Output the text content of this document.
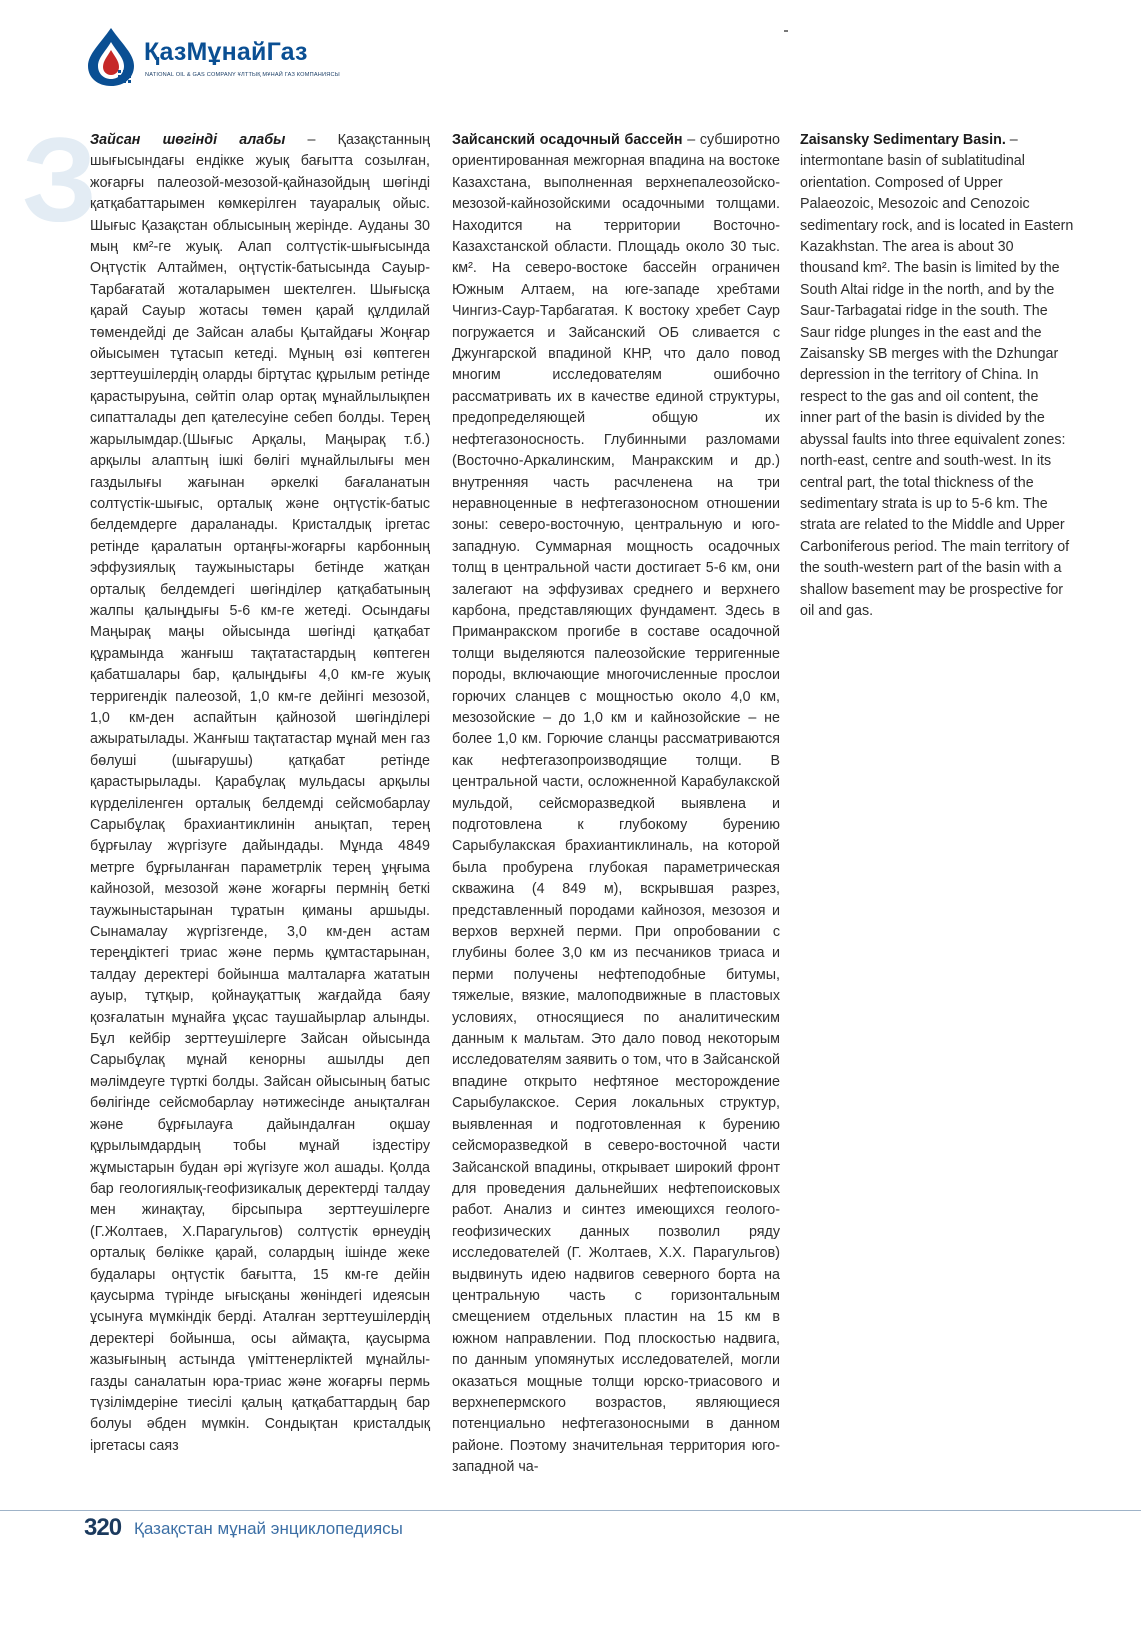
З
ҚазМұнайГаз
NATIONAL OIL & GAS COMPANY ҰЛТТЫҚ МҰНАЙ ГАЗ КОМПАНИЯСЫ

Зайсан шөгінді алабы – Қазақстанның шығысындағы ендікке жуық бағытта созылған, жоғарғы палеозой-мезозой-қайназойдың шөгінді қатқабаттарымен көмкерілген тауаралық ойыс. Шығыс Қазақстан облысының жерінде. Ауданы 30 мың км²-ге жуық. Алап солтүстік-шығысында Оңтүстік Алтаймен, оңтүстік-батысында Сауыр-Тарбағатай жоталарымен шектелген. Шығысқа қарай Сауыр жотасы төмен қарай құлдилай төмендейді де Зайсан алабы Қытайдағы Жоңғар ойысымен тұтасып кетеді. Мұның өзі көптеген зерттеушілердің оларды біртұтас құрылым ретінде қарастыруына, сөйтіп олар ортақ мұнайлылықпен сипатталады деп қателесуіне себеп болды. Терең жарылымдар.(Шығыс Арқалы, Маңырақ т.б.) арқылы алаптың ішкі бөлігі мұнайлылығы мен газдылығы жағынан әркелкі бағаланатын солтүстік-шығыс, орталық және оңтүстік-батыс белдемдерге дараланады. Кристалдық іргетас ретінде қаралатын ортаңғы-жоғарғы карбонның эффузиялық таужыныстары бетінде жатқан орталық белдемдегі шөгінділер қатқабатының жалпы қалыңдығы 5-6 км-ге жетеді. Осындағы Маңырақ маңы ойысында шөгінді қатқабат құрамында жанғыш тақтатастардың көптеген қабатшалары бар, қалыңдығы 4,0 км-ге жуық терригендік палеозой, 1,0 км-ге дейінгі мезозой, 1,0 км-ден аспайтын қайнозой шөгінділері ажыратылады. Жанғыш тақтатастар мұнай мен газ бөлуші (шығарушы) қатқабат ретінде қарастырылады. Қарабұлақ мульдасы арқылы күрделіленген орталық белдемді сейсмобарлау Сарыбұлақ брахиантиклинін анықтап, терең бұрғылау жүргізуге дайындады. Мұнда 4849 метрге бұрғыланған параметрлік терең ұңғыма кайнозой, мезозой және жоғарғы пермнің беткі таужыныстарынан тұратын қиманы аршыды. Сынамалау жүргізгенде, 3,0 км-ден астам тереңдіктегі триас және пермь құмтастарынан, талдау деректері бойынша малталарға жататын ауыр, тұтқыр, қойнауқаттық жағдайда баяу қозғалатын мұнайға ұқсас таушайырлар алынды. Бұл кейбір зерттеушілерге Зайсан ойысында Сарыбұлақ мұнай кенорны ашылды деп мәлімдеуге түрткі болды. Зайсан ойысының батыс бөлігінде сейсмобарлау нәтижесінде анықталған және бұрғылауға дайындалған оқшау құрылымдардың тобы мұнай іздестіру жұмыстарын будан әрі жүгізуге жол ашады. Қолда бар геологиялық-геофизикалық деректерді талдау мен жинақтау, бірсыпыра зерттеушілерге (Г.Жолтаев, Х.Парагульгов) солтүстік өрнеудің орталық бөлікке қарай, солардың ішінде жеке будалары оңтүстік бағытта, 15 км-ге дейін қаусырма түрінде ығысқаны жөніндегі идеясын ұсынуға мүмкіндік берді. Аталған зерттеушілердің деректері бойынша, осы аймақта, қаусырма жазығының астында үміттенерліктей мұнайлы-газды саналатын юра-триас және жоғарғы пермь түзілімдеріне тиесілі қалың қатқабаттардың бар болуы әбден мүмкін. Сондықтан кристалдық іргетасы саяз

Зайсанский осадочный бассейн – субширотно ориентированная межгорная впадина на востоке Казахстана, выполненная верхнепалеозойско-мезозой-кайнозойскими осадочными толщами. Находится на территории Восточно-Казахстанской области. Площадь около 30 тыс. км². На северо-востоке бассейн ограничен Южным Алтаем, на юге-западе хребтами Чингиз-Саур-Тарбагатая. К востоку хребет Саур погружается и Зайсанский ОБ сливается с Джунгарской впадиной КНР, что дало повод многим исследователям ошибочно рассматривать их в качестве единой структуры, предопределяющей общую их нефтегазоносность. Глубинными разломами (Восточно-Аркалинским, Манракским и др.) внутренняя часть расчленена на три неравноценные в нефтегазоносном отношении зоны: северо-восточную, центральную и юго-западную. Суммарная мощность осадочных толщ в центральной части достигает 5-6 км, они залегают на эффузивах среднего и верхнего карбона, представляющих фундамент. Здесь в Приманракском прогибе в составе осадочной толщи выделяются палеозойские терригенные породы, включающие многочисленные прослои горючих сланцев с мощностью около 4,0 км, мезозойские – до 1,0 км и кайнозойские – не более 1,0 км. Горючие сланцы рассматриваются как нефтегазопроизводящие толщи. В центральной части, осложненной Карабулакской мульдой, сейсморазведкой выявлена и подготовлена к глубокому бурению Сарыбулакская брахиантиклиналь, на которой была пробурена глубокая параметрическая скважина (4 849 м), вскрывшая разрез, представленный породами кайнозоя, мезозоя и верхов верхней перми. При опробовании с глубины более 3,0 км из песчаников триаса и перми получены нефтеподобные битумы, тяжелые, вязкие, малоподвижные в пластовых условиях, относящиеся по аналитическим данным к мальтам. Это дало повод некоторым исследователям заявить о том, что в Зайсанской впадине открыто нефтяное месторождение Сарыбулакское. Серия локальных структур, выявленная и подготовленная к бурению сейсморазведкой в северо-восточной части Зайсанской впадины, открывает широкий фронт для проведения дальнейших нефтепоисковых работ. Анализ и синтез имеющихся геолого-геофизических данных позволил ряду исследователей (Г. Жолтаев, Х.Х. Парагульгов) выдвинуть идею надвигов северного борта на центральную часть с горизонтальным смещением отдельных пластин на 15 км в южном направлении. Под плоскостью надвига, по данным упомянутых исследователей, могли оказаться мощные толщи юрско-триасового и верхнепермского возрастов, являющиеся потенциально нефтегазоносными в данном районе. Поэтому значительная территория юго-западной ча-

Zaisansky Sedimentary Basin. – intermontane basin of sublatitudinal orientation. Composed of Upper Palaeozoic, Mesozoic and Cenozoic sedimentary rock, and is located in Eastern Kazakhstan. The area is about 30 thousand km². The basin is limited by the South Altai ridge in the north, and by the Saur-Tarbagatai ridge in the south. The Saur ridge plunges in the east and the Zaisansky SB merges with the Dzhungar depression in the territory of China. In respect to the gas and oil content, the inner part of the basin is divided by the abyssal faults into three equivalent zones: north-east, centre and south-west. In its central part, the total thickness of the sedimentary strata is up to 5-6 km. The strata are related to the Middle and Upper Carboniferous period. The main territory of the south-western part of the basin with a shallow basement may be prospective for oil and gas.

320 Қазақстан мұнай энциклопедиясы
